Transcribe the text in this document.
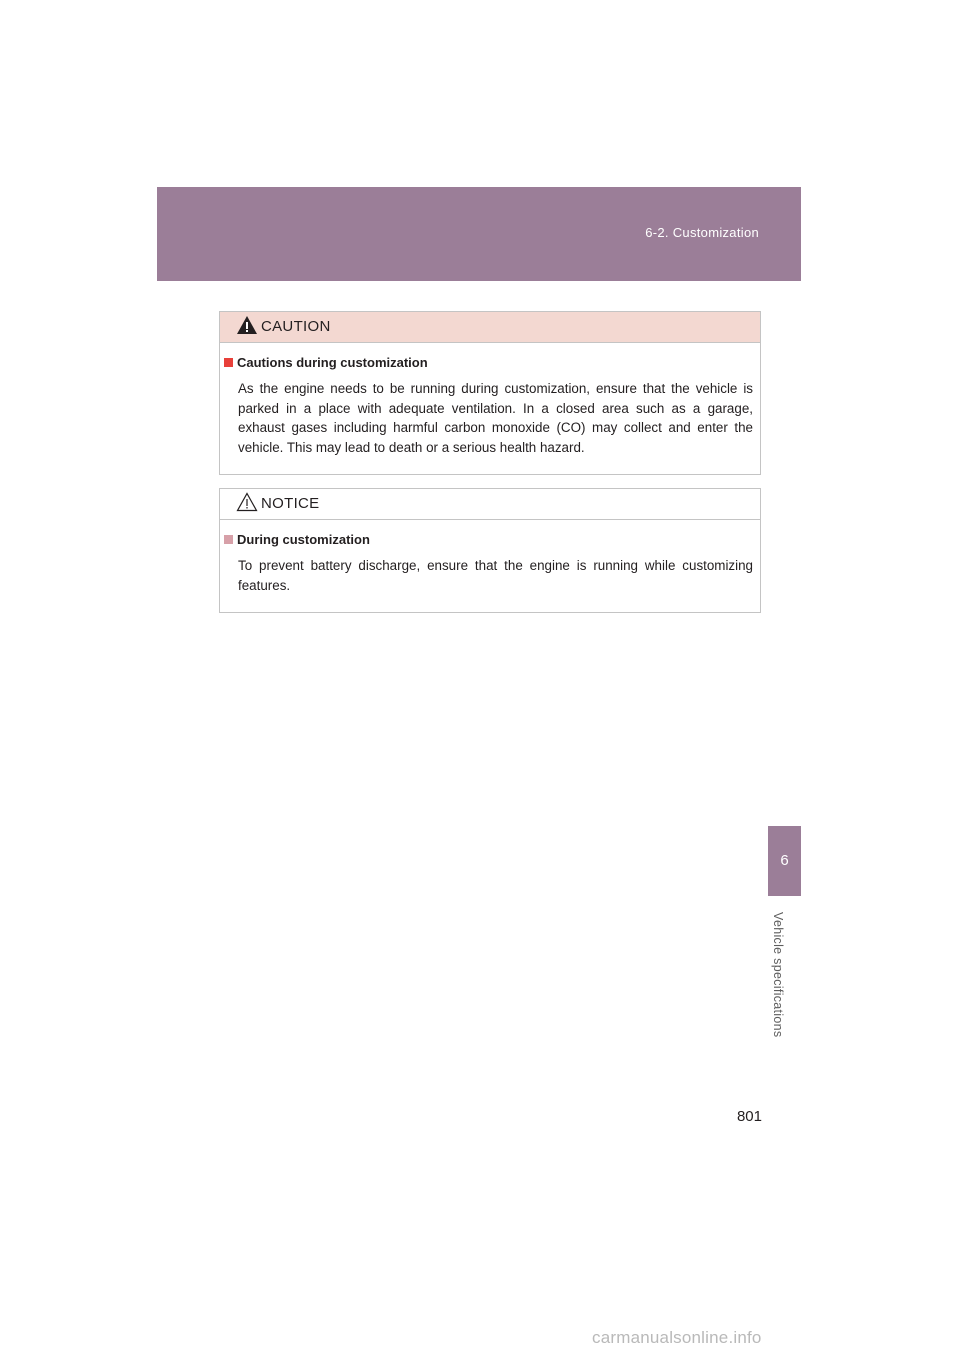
6-2. Customization
6
Vehicle specifications
CAUTION
Cautions during customization
As the engine needs to be running during customization, ensure that the vehicle is
parked in a place with adequate ventilation. In a closed area such as a garage,
exhaust gases including harmful carbon monoxide (CO) may collect and enter the
vehicle. This may lead to death or a serious health hazard.
NOTICE
During customization
To prevent battery discharge, ensure that the engine is running while customizing
features.
801
carmanualsonline.info
